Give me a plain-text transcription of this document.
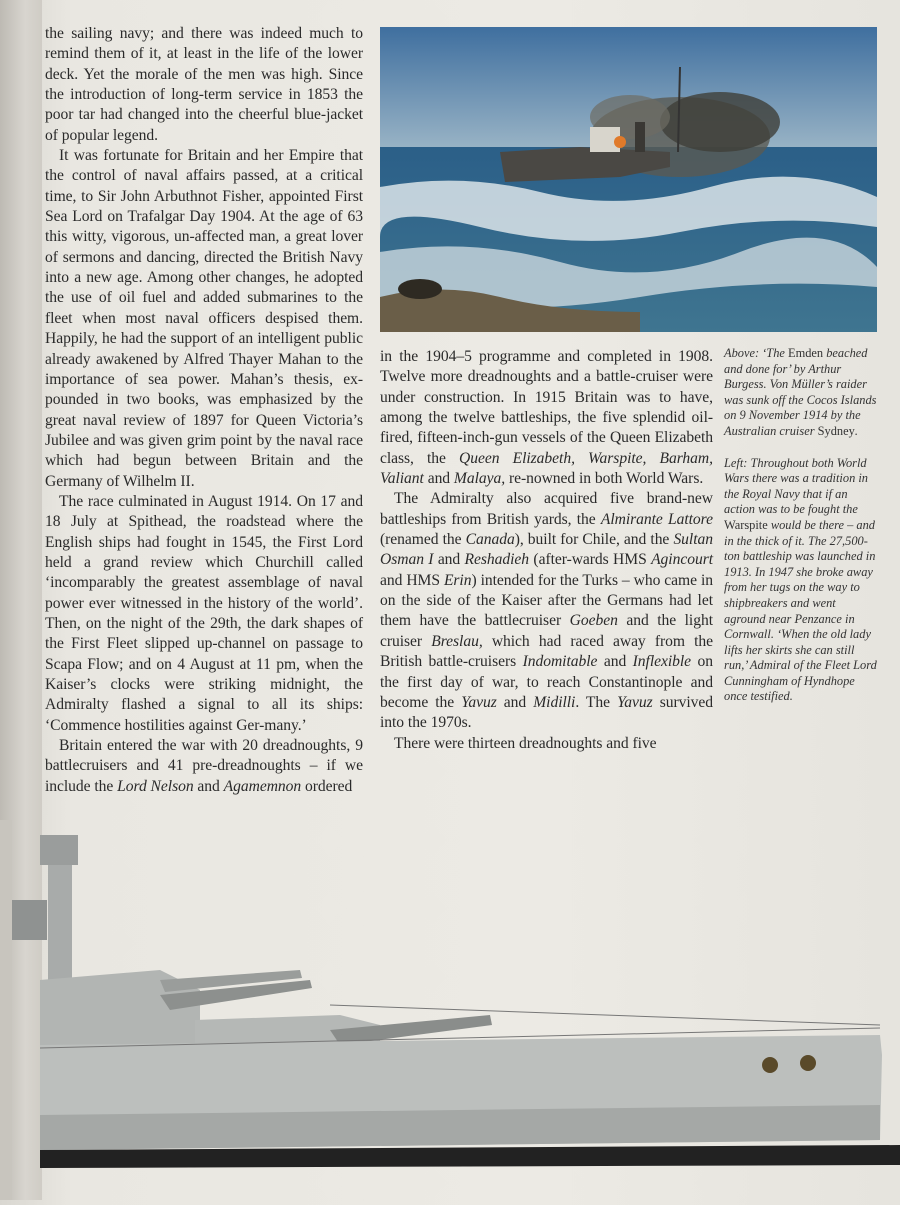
the sailing navy; and there was indeed much to remind them of it, at least in the life of the lower deck. Yet the morale of the men was high. Since the introduction of long-term service in 1853 the poor tar had changed into the cheerful blue-jacket of popular legend.

It was fortunate for Britain and her Empire that the control of naval affairs passed, at a critical time, to Sir John Arbuthnot Fisher, appointed First Sea Lord on Trafalgar Day 1904. At the age of 63 this witty, vigorous, un-affected man, a great lover of sermons and dancing, directed the British Navy into a new age. Among other changes, he adopted the use of oil fuel and added submarines to the fleet when most naval officers despised them. Happily, he had the support of an intelligent public already awakened by Alfred Thayer Mahan to the importance of sea power. Mahan’s thesis, ex-pounded in two books, was emphasized by the great naval review of 1897 for Queen Victoria’s Jubilee and was given grim point by the naval race which had begun between Britain and the Germany of Wilhelm II.

The race culminated in August 1914. On 17 and 18 July at Spithead, the roadstead where the English ships had fought in 1545, the First Lord held a grand review which Churchill called ‘incomparably the greatest assemblage of naval power ever witnessed in the history of the world’. Then, on the night of the 29th, the dark shapes of the First Fleet slipped up-channel on passage to Scapa Flow; and on 4 August at 11 pm, when the Kaiser’s clocks were striking midnight, the Admiralty flashed a signal to all its ships: ‘Commence hostilities against Ger-many.’

Britain entered the war with 20 dreadnoughts, 9 battlecruisers and 41 pre-dreadnoughts – if we include the Lord Nelson and Agamemnon ordered

in the 1904–5 programme and completed in 1908. Twelve more dreadnoughts and a battle-cruiser were under construction. In 1915 Britain was to have, among the twelve battleships, the five splendid oil-fired, fifteen-inch-gun vessels of the Queen Elizabeth class, the Queen Elizabeth, Warspite, Barham, Valiant and Malaya, re-nowned in both World Wars.

The Admiralty also acquired five brand-new battleships from British yards, the Almirante Lattore (renamed the Canada), built for Chile, and the Sultan Osman I and Reshadieh (after-wards HMS Agincourt and HMS Erin) intended for the Turks – who came in on the side of the Kaiser after the Germans had let them have the battlecruiser Goeben and the light cruiser Breslau, which had raced away from the British battle-cruisers Indomitable and Inflexible on the first day of war, to reach Constantinople and become the Yavuz and Midilli. The Yavuz survived into the 1970s.

There were thirteen dreadnoughts and five

Above: ‘The Emden beached and done for’ by Arthur Burgess. Von Müller’s raider was sunk off the Cocos Islands on 9 November 1914 by the Australian cruiser Sydney.

Left: Throughout both World Wars there was a tradition in the Royal Navy that if an action was to be fought the Warspite would be there – and in the thick of it. The 27,500-ton battleship was launched in 1913. In 1947 she broke away from her tugs on the way to shipbreakers and went aground near Penzance in Cornwall. ‘When the old lady lifts her skirts she can still run,’ Admiral of the Fleet Lord Cunningham of Hyndhope once testified.
